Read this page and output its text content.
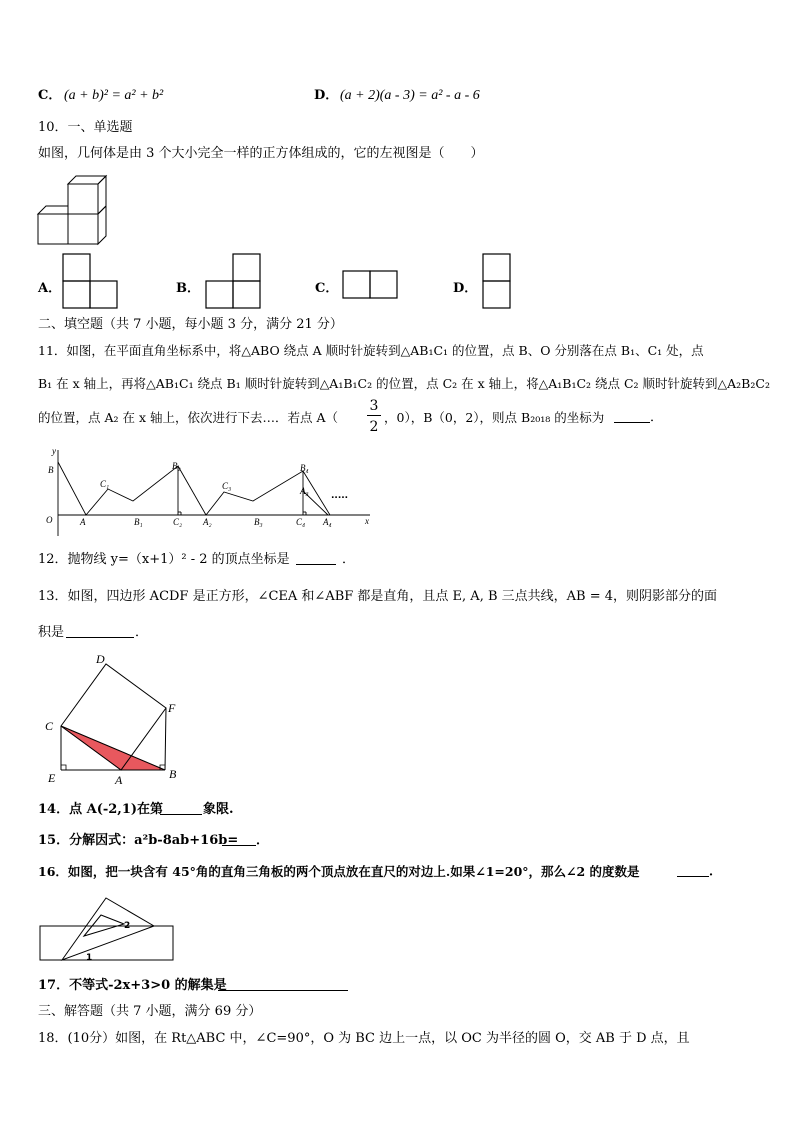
C． (a + b)² = a² + b²	D． (a + 2)(a - 3) = a² - a - 6
10．一、单选题
如图，几何体是由 3 个大小完全一样的正方体组成的，它的左视图是（　　）
A．	B．	C．	D．
二、填空题（共 7 小题，每小题 3 分，满分 21 分）
11．如图，在平面直角坐标系中，将△ABO 绕点 A 顺时针旋转到△AB₁C₁ 的位置，点 B、O 分别落在点 B₁、C₁ 处，点
B₁ 在 x 轴上，再将△AB₁C₁ 绕点 B₁ 顺时针旋转到△A₁B₁C₂ 的位置，点 C₂ 在 x 轴上，将△A₁B₁C₂ 绕点 C₂ 顺时针旋转到△A₂B₂C₂
的位置，点 A₂ 在 x 轴上，依次进行下去…．若点 A（
3
2
，0），B（0，2），则点 B₂₀₁₈ 的坐标为	．
y
x
O
B
A
C₁
B₁	C₂
B₂
A₂
C₃
B₃	C₄
B₄
A₃
A₄
.....
12．抛物线 y=（x+1）² - 2 的顶点坐标是	．
13．如图，四边形 ACDF 是正方形，∠CEA 和∠ABF 都是直角，且点 E, A, B 三点共线，AB = 4，则阴影部分的面
积是	．
D
F
C
E	A	B
14．点 A(-2,1)在第	象限.
15．分解因式：a²b-8ab+16b= ．
16．如图，把一块含有 45°角的直角三角板的两个顶点放在直尺的对边上.如果∠1=20°，那么∠2 的度数是	．
2
1
17．不等式-2x+3>0 的解集是
三、解答题（共 7 小题，满分 69 分）
18．(10分）如图，在 Rt△ABC 中，∠C=90°，O 为 BC 边上一点，以 OC 为半径的圆 O，交 AB 于 D 点，且
